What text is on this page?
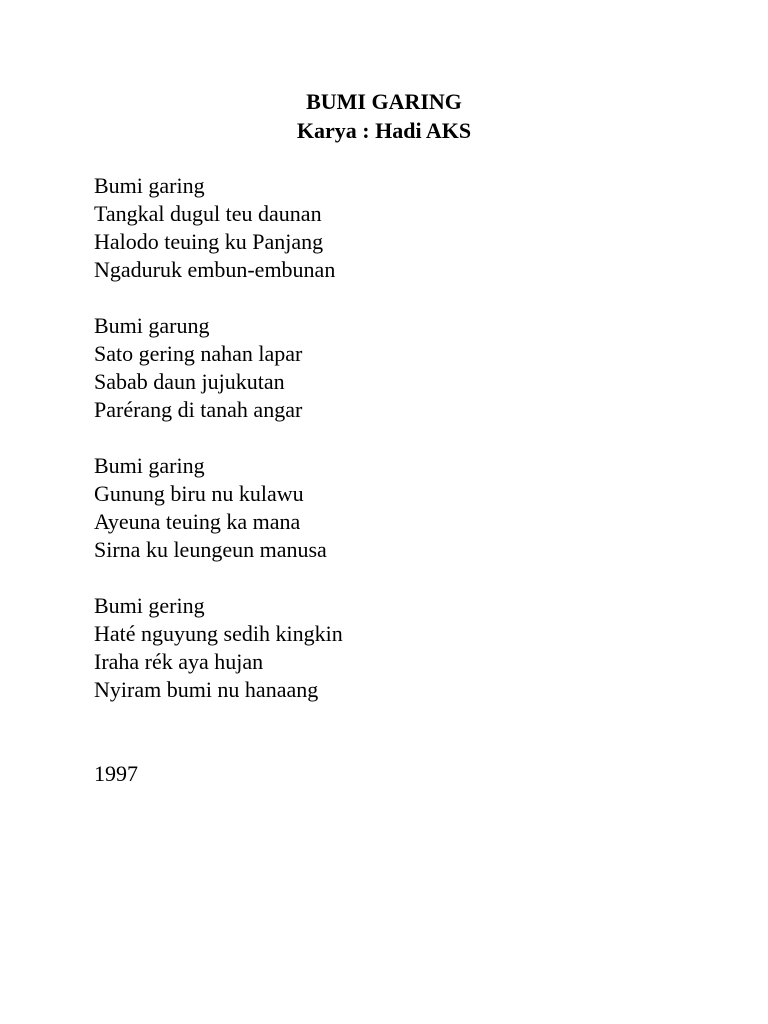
BUMI GARING
Karya : Hadi AKS
Bumi garing
Tangkal dugul teu daunan
Halodo teuing ku Panjang
Ngaduruk embun-embunan
Bumi garung
Sato gering nahan lapar
Sabab daun jujukutan
Parérang di tanah angar
Bumi garing
Gunung biru nu kulawu
Ayeuna teuing ka mana
Sirna ku leungeun manusa
Bumi gering
Haté nguyung sedih kingkin
Iraha rék aya hujan
Nyiram bumi nu hanaang

1997
